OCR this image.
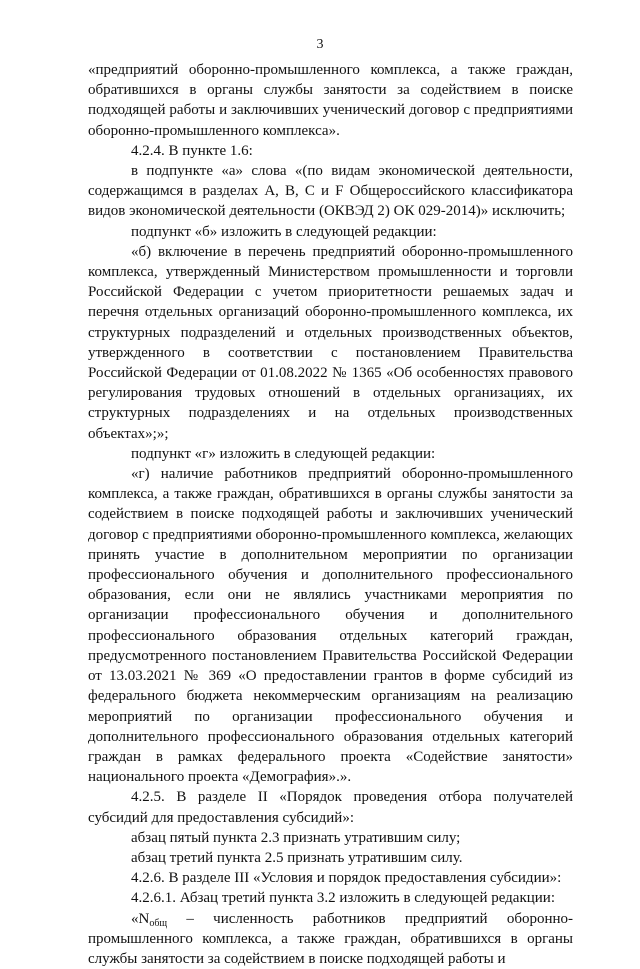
3

«предприятий оборонно-промышленного комплекса, а также граждан, обратившихся в органы службы занятости за содействием в поиске подходящей работы и заключивших ученический договор с предприятиями оборонно-промышленного комплекса».

4.2.4. В пункте 1.6:

в подпункте «а» слова «(по видам экономической деятельности, содержащимся в разделах A, B, C и F Общероссийского классификатора видов экономической деятельности (ОКВЭД 2) ОК 029-2014)» исключить;

подпункт «б» изложить в следующей редакции:

«б) включение в перечень предприятий оборонно-промышленного комплекса, утвержденный Министерством промышленности и торговли Российской Федерации с учетом приоритетности решаемых задач и перечня отдельных организаций оборонно-промышленного комплекса, их структурных подразделений и отдельных производственных объектов, утвержденного в соответствии с постановлением Правительства Российской Федерации от 01.08.2022 № 1365 «Об особенностях правового регулирования трудовых отношений в отдельных организациях, их структурных подразделениях и на отдельных производственных объектах»;»;

подпункт «г» изложить в следующей редакции:

«г) наличие работников предприятий оборонно-промышленного комплекса, а также граждан, обратившихся в органы службы занятости за содействием в поиске подходящей работы и заключивших ученический договор с предприятиями оборонно-промышленного комплекса, желающих принять участие в дополнительном мероприятии по организации профессионального обучения и дополнительного профессионального образования, если они не являлись участниками мероприятия по организации профессионального обучения и дополнительного профессионального образования отдельных категорий граждан, предусмотренного постановлением Правительства Российской Федерации от 13.03.2021 № 369 «О предоставлении грантов в форме субсидий из федерального бюджета некоммерческим организациям на реализацию мероприятий по организации профессионального обучения и дополнительного профессионального образования отдельных категорий граждан в рамках федерального проекта «Содействие занятости» национального проекта «Демография».».

4.2.5. В разделе II «Порядок проведения отбора получателей субсидий для предоставления субсидий»:

абзац пятый пункта 2.3 признать утратившим силу;

абзац третий пункта 2.5 признать утратившим силу.

4.2.6. В разделе III «Условия и порядок предоставления субсидии»:

4.2.6.1. Абзац третий пункта 3.2 изложить в следующей редакции:

«$N_{общ}$ – численность работников предприятий оборонно-промышленного комплекса, а также граждан, обратившихся в органы службы занятости за содействием в поиске подходящей работы и
